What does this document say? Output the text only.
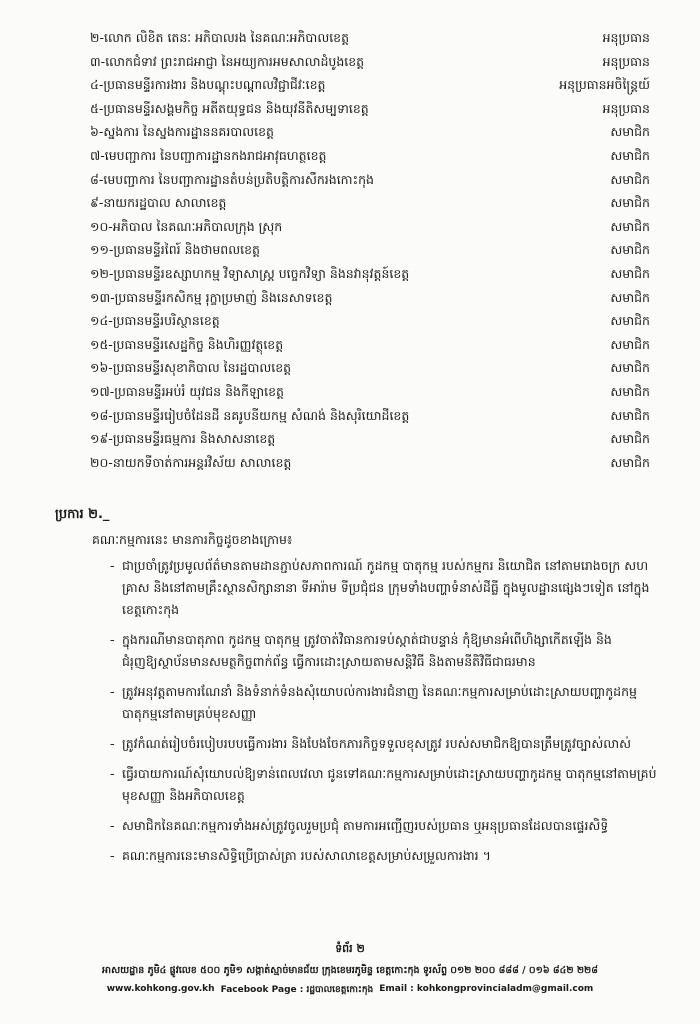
២-លោក លិខិត តេនៈ អភិបាលរង នៃគណៈអភិបាលខេត្ត	អនុប្រធាន
៣-លោកជំទាវ ព្រះរាជអាជ្ញា នៃអយ្យការអមសាលាដំបូងខេត្ត	អនុប្រធាន
៤-ប្រធានមន្ទីរការងារ និងបណ្តុះបណ្តាលវិជ្ជាជីវៈខេត្ត	អនុប្រធានអចិន្ត្រៃយ៍
៥-ប្រធានមន្ទីរសង្គមកិច្ច អតីតយុទ្ធជន និងយុវនីតិសម្បទាខេត្ត	អនុប្រធាន
៦-ស្នងការ នៃស្នងការដ្ឋាននគរបាលខេត្ត	សមាជិក
៧-មេបញ្ជាការ នៃបញ្ជាការដ្ឋានកងរាជអាវុធហត្ថខេត្ត	សមាជិក
៨-មេបញ្ជាការ នៃបញ្ជាការដ្ឋានតំបន់ប្រតិបត្តិការសឹករងកោះកុង	សមាជិក
៩-នាយករដ្ឋបាល សាលាខេត្ត	សមាជិក
១០-អភិបាល នៃគណៈអភិបាលក្រុង ស្រុក	សមាជិក
១១-ប្រធានមន្ទីរពៃរ៍ និងថាមពលខេត្ត	សមាជិក
១២-ប្រធានមន្ទីរឧស្សាហកម្ម វិទ្យាសាស្ត្រ បច្ចេកវិទ្យា និងនវានុវត្តន៍ខេត្ត	សមាជិក
១៣-ប្រធានមន្ទីរកសិកម្ម រុក្ខាប្រមាញ់ និងនេសាទខេត្ត	សមាជិក
១៤-ប្រធានមន្ទីរបរិស្ថានខេត្ត	សមាជិក
១៥-ប្រធានមន្ទីរសេដ្ឋកិច្ច និងហិរញ្ញវត្ថុខេត្ត	សមាជិក
១៦-ប្រធានមន្ទីរសុខាភិបាល នៃរដ្ឋបាលខេត្ត	សមាជិក
១៧-ប្រធានមន្ទីរអប់រំ យុវជន និងកីឡាខេត្ត	សមាជិក
១៨-ប្រធានមន្ទីររៀបចំដែនដី នគរូបនីយកម្ម សំណង់ និងសុរិយោដីខេត្ត	សមាជិក
១៩-ប្រធានមន្ទីរធម្មការ និងសាសនាខេត្ត	សមាជិក
២០-នាយកទីចាត់ការអន្តរវិស័យ សាលាខេត្ត	សមាជិក
ប្រការ ២._
គណៈកម្មការនេះ មានភារកិច្ចដូចខាងក្រោម៖
- ជាប្រចាំត្រូវប្រមូលព័ត៌មានតាមដានភ្ជាប់សភាពការណ៍ កូដកម្ម បាតុកម្ម របស់កម្មករ និយោជិត នៅតាមរោងចក្រ សហគ្រាស និងនៅតាមគ្រឹះស្ថានសិក្សានានា ទីអារ៉ាម ទីប្រជុំជន ក្រុមទាំងបញ្ហាទំនាស់ដីធ្លី ក្នុងមូលដ្ឋានផ្សេងៗទៀត នៅក្នុងខេត្តកោះកុង
- ក្នុងករណីមានបាតុភាព កូដកម្ម បាតុកម្ម ត្រូវចាត់វិធានការទប់ស្កាត់ជាបន្ទាន់ កុំឱ្យមានអំពើហិង្សាកើតឡើង និងជំរុញឱ្យស្ថាប័នមានសមត្ថកិច្ចពាក់ព័ន្ធ ធ្វើការដោះស្រាយតាមសន្តិវិធី និងតាមនីតិវិធីជាធរមាន
- ត្រូវអនុវត្តតាមការណែនាំ និងទំនាក់ទំនងសុំយោបល់ការងារជំនាញ នៃគណៈកម្មការសម្រាប់ដោះស្រាយបញ្ហាកូដកម្ម បាតុកម្មនៅតាមគ្រប់មុខសញ្ញា
- ត្រូវកំណត់រៀបចំរបៀបរបបធ្វើការងារ និងបែងចែកភារកិច្ចទទួលខុសត្រូវ របស់សមាជិកឱ្យបានត្រឹមត្រូវច្បាស់លាស់
- ធ្វើរបាយការណ៍សុំយោបល់ឱ្យទាន់ពេលវេលា ជូនទៅគណៈកម្មការសម្រាប់ដោះស្រាយបញ្ហាកូដកម្ម បាតុកម្មនៅតាមគ្រប់មុខសញ្ញា និងអភិបាលខេត្ត
- សមាជិកនៃគណៈកម្មការទាំងអស់ត្រូវចូលរួមប្រជុំ តាមការអញ្ជើញរបស់ប្រធាន ឬអនុប្រធានដែលបានផ្ទេរសិទ្ធិ
- គណៈកម្មការនេះមានសិទ្ធិប្រើប្រាស់ត្រា របស់សាលាខេត្តសម្រាប់សម្រួលការងារ ។
ទំព័រ ២
អាសយដ្ឋាន ភូមិ៤ ផ្លូវលេខ ៥០០ ភូមិ១ សង្កាត់ស្មាច់មានជ័យ ក្រុងខេមរភូមិន្ទ ខេត្តកោះកុង ទូរស័ព្ទ ០១២ ២០០ ៨៨៨ / ០១៦ ៨៤២ ២២៨
www.kohkong.gov.kh Facebook Page : រដ្ឋបាលខេត្តកោះកុង Email : kohkongprovincialadm@gmail.com
